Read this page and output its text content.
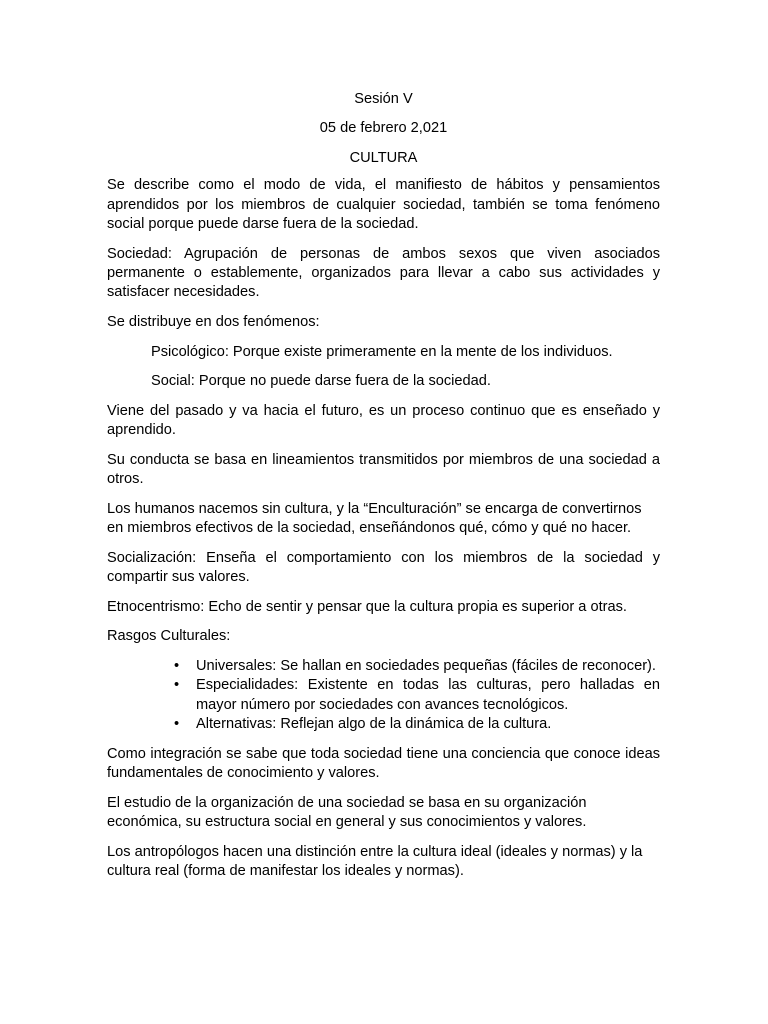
Sesión V

05 de febrero 2,021

CULTURA

Se describe como el modo de vida, el manifiesto de hábitos y pensamientos aprendidos por los miembros de cualquier sociedad, también se toma fenómeno social porque puede darse fuera de la sociedad.

Sociedad: Agrupación de personas de ambos sexos que viven asociados permanente o establemente, organizados para llevar a cabo sus actividades y satisfacer necesidades.

Se distribuye en dos fenómenos:

Psicológico: Porque existe primeramente en la mente de los individuos.

Social: Porque no puede darse fuera de la sociedad.

Viene del pasado y va hacia el futuro, es un proceso continuo que es enseñado y aprendido.

Su conducta se basa en lineamientos transmitidos por miembros de una sociedad a otros.

Los humanos nacemos sin cultura, y la “Enculturación” se encarga de convertirnos en miembros efectivos de la sociedad, enseñándonos qué, cómo y qué no hacer.

Socialización: Enseña el comportamiento con los miembros de la sociedad y compartir sus valores.

Etnocentrismo: Echo de sentir y pensar que la cultura propia es superior a otras.

Rasgos Culturales:

• Universales: Se hallan en sociedades pequeñas (fáciles de reconocer).
• Especialidades: Existente en todas las culturas, pero halladas en mayor número por sociedades con avances tecnológicos.
• Alternativas: Reflejan algo de la dinámica de la cultura.

Como integración se sabe que toda sociedad tiene una conciencia que conoce ideas fundamentales de conocimiento y valores.

El estudio de la organización de una sociedad se basa en su organización económica, su estructura social en general y sus conocimientos y valores.

Los antropólogos hacen una distinción entre la cultura ideal (ideales y normas) y la cultura real (forma de manifestar los ideales y normas).
